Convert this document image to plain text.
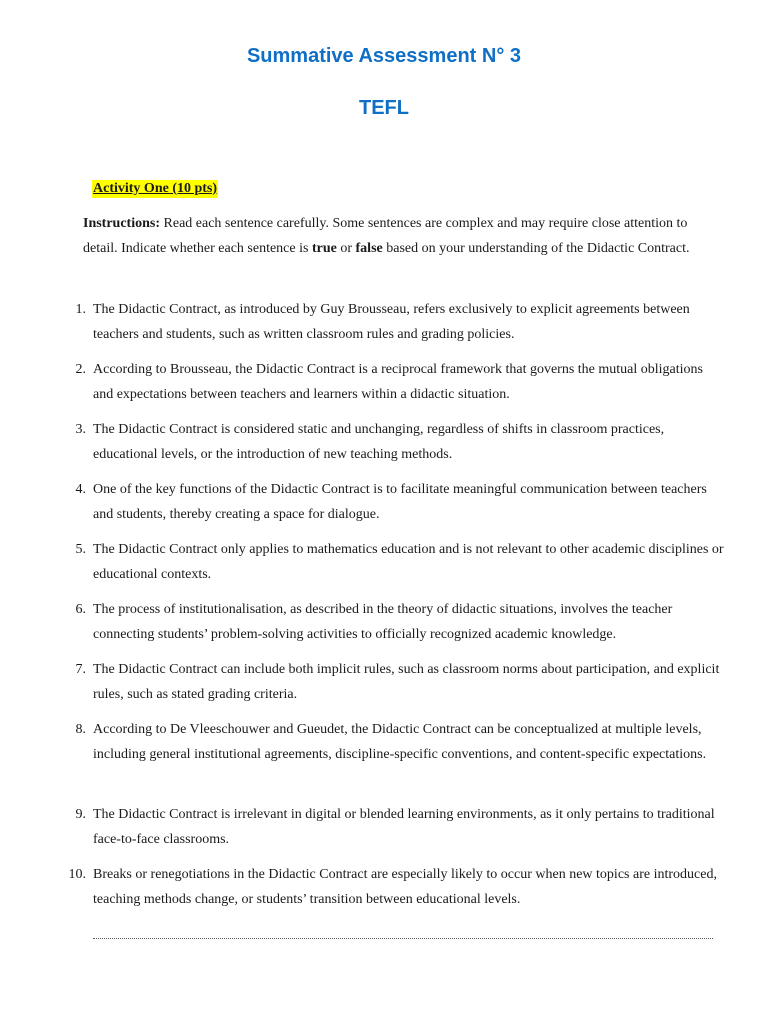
Summative Assessment N° 3
TEFL
Activity One (10 pts)

Instructions: Read each sentence carefully. Some sentences are complex and may require close attention to detail. Indicate whether each sentence is true or false based on your understanding of the Didactic Contract.

1. The Didactic Contract, as introduced by Guy Brousseau, refers exclusively to explicit agreements between teachers and students, such as written classroom rules and grading policies.
2. According to Brousseau, the Didactic Contract is a reciprocal framework that governs the mutual obligations and expectations between teachers and learners within a didactic situation.
3. The Didactic Contract is considered static and unchanging, regardless of shifts in classroom practices, educational levels, or the introduction of new teaching methods.
4. One of the key functions of the Didactic Contract is to facilitate meaningful communication between teachers and students, thereby creating a space for dialogue.
5. The Didactic Contract only applies to mathematics education and is not relevant to other academic disciplines or educational contexts.
6. The process of institutionalisation, as described in the theory of didactic situations, involves the teacher connecting students’ problem-solving activities to officially recognized academic knowledge.
7. The Didactic Contract can include both implicit rules, such as classroom norms about participation, and explicit rules, such as stated grading criteria.
8. According to De Vleeschouwer and Gueudet, the Didactic Contract can be conceptualized at multiple levels, including general institutional agreements, discipline-specific conventions, and content-specific expectations.
9. The Didactic Contract is irrelevant in digital or blended learning environments, as it only pertains to traditional face-to-face classrooms.
10. Breaks or renegotiations in the Didactic Contract are especially likely to occur when new topics are introduced, teaching methods change, or students’ transition between educational levels.
